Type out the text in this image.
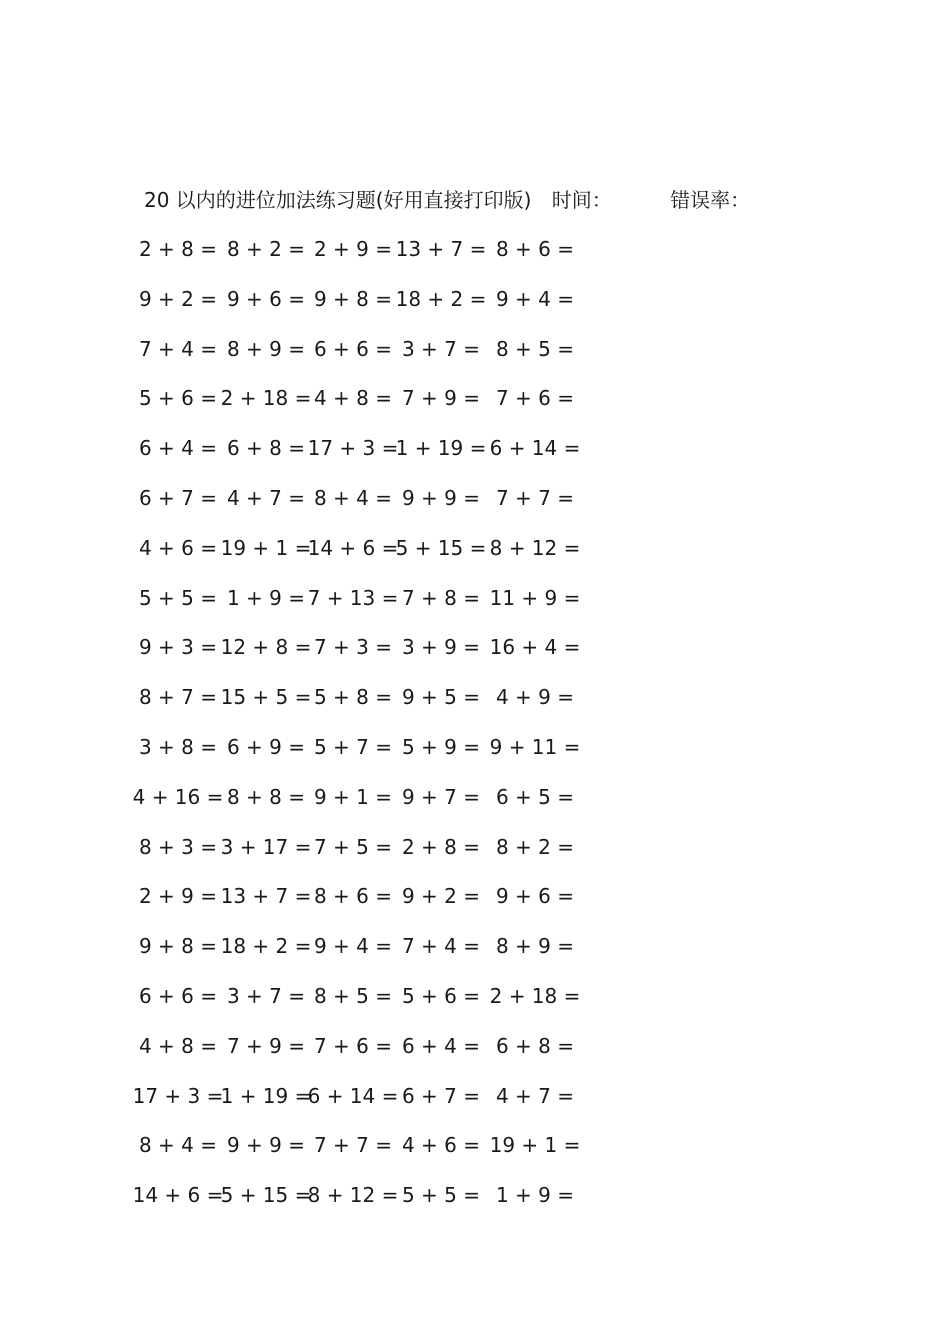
20 以内的进位加法练习题(好用直接打印版) 时间：	错误率：
2 + 8 = 8 + 2 = 2 + 9 = 13 + 7 = 8 + 6 =
9 + 2 = 9 + 6 = 9 + 8 = 18 + 2 = 9 + 4 =
7 + 4 = 8 + 9 = 6 + 6 = 3 + 7 = 8 + 5 =
5 + 6 = 2 + 18 = 4 + 8 = 7 + 9 = 7 + 6 =
6 + 4 = 6 + 8 = 17 + 3 =
1 + 19 = 6 + 14 =
6 + 7 = 4 + 7 = 8 + 4 = 9 + 9 = 7 + 7 =
4 + 6 = 19 + 1 =
14 + 6 =
5 + 15 = 8 + 12 =
5 + 5 = 1 + 9 = 7 + 13 = 7 + 8 = 11 + 9 =
9 + 3 = 12 + 8 = 7 + 3 = 3 + 9 = 16 + 4 =
8 + 7 = 15 + 5 = 5 + 8 = 9 + 5 = 4 + 9 =
3 + 8 = 6 + 9 = 5 + 7 = 5 + 9 = 9 + 11 =
4 + 16 = 8 + 8 = 9 + 1 = 9 + 7 = 6 + 5 =
8 + 3 = 3 + 17 = 7 + 5 = 2 + 8 = 8 + 2 =
2 + 9 = 13 + 7 = 8 + 6 = 9 + 2 = 9 + 6 =
9 + 8 = 18 + 2 = 9 + 4 = 7 + 4 = 8 + 9 =
6 + 6 = 3 + 7 = 8 + 5 = 5 + 6 = 2 + 18 =
4 + 8 = 7 + 9 = 7 + 6 = 6 + 4 = 6 + 8 =
17 + 3 =
1 + 19 =
6 + 14 = 6 + 7 = 4 + 7 =
8 + 4 = 9 + 9 = 7 + 7 = 4 + 6 = 19 + 1 =
14 + 6 =
5 + 15 =
8 + 12 = 5 + 5 = 1 + 9 =
